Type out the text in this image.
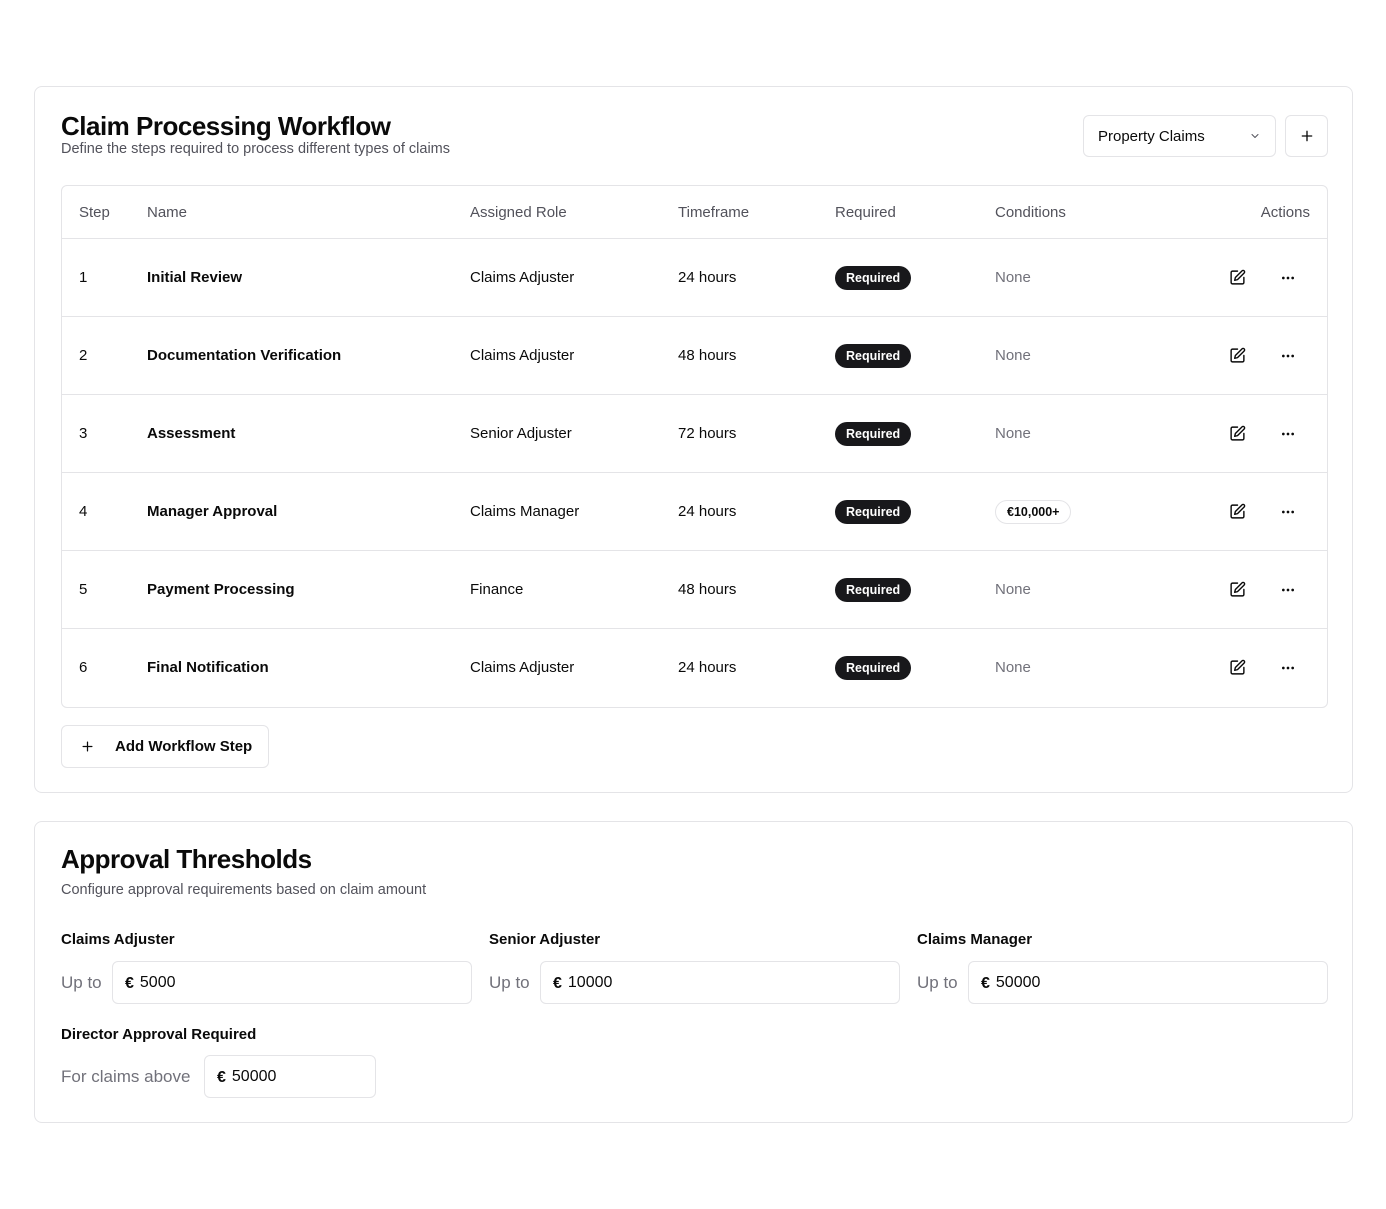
Claim Processing Workflow

Define the steps required to process different types of claims

Property Claims
Step Name	Assigned Role	Timeframe	Required	Conditions	Actions
1	Initial Review	Claims Adjuster	24 hours	Required	None
2	Documentation Verification	Claims Adjuster	48 hours	Required	None
3	Assessment	Senior Adjuster	72 hours	Required	None
4	Manager Approval	Claims Manager	24 hours	Required	€10,000+
5	Payment Processing	Finance	48 hours	Required	None
6	Final Notification	Claims Adjuster	24 hours	Required	None
Add Workflow Step
Approval Thresholds

Configure approval requirements based on claim amount

Claims Adjuster
Up to € 5000
Senior Adjuster
Up to € 10000
Claims Manager
Up to € 50000
Director Approval Required
For claims above € 50000
